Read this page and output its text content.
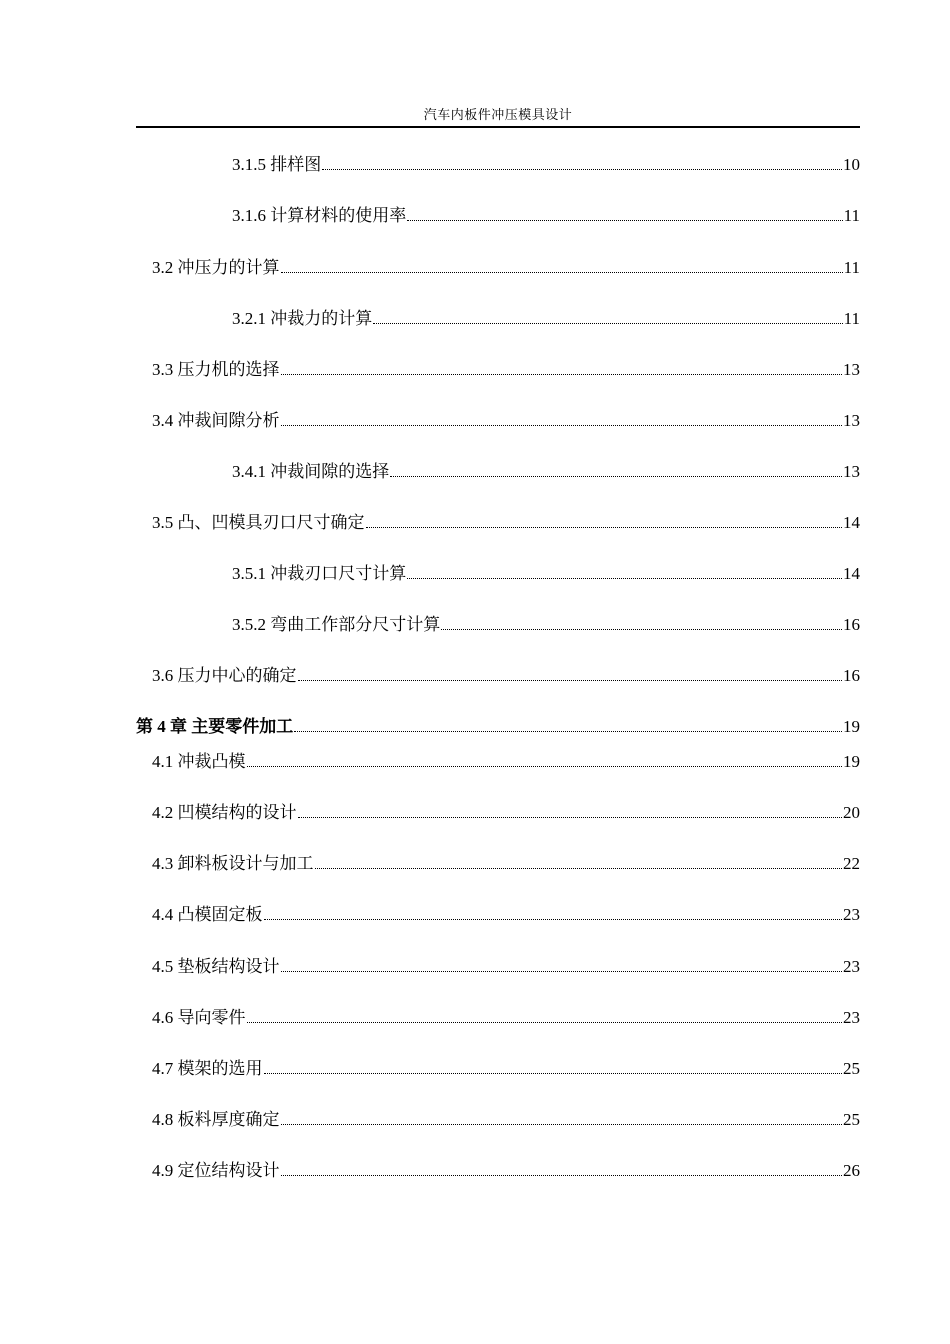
汽车内板件冲压模具设计
3.1.5 排样图	10
3.1.6 计算材料的使用率	11
3.2 冲压力的计算	11
3.2.1 冲裁力的计算	11
3.3 压力机的选择	13
3.4 冲裁间隙分析	13
3.4.1 冲裁间隙的选择	13
3.5 凸、凹模具刃口尺寸确定	14
3.5.1 冲裁刃口尺寸计算	14
3.5.2 弯曲工作部分尺寸计算	16
3.6 压力中心的确定	16
第 4 章 主要零件加工	19
4.1 冲裁凸模	19
4.2 凹模结构的设计	20
4.3 卸料板设计与加工	22
4.4 凸模固定板	23
4.5 垫板结构设计	23
4.6 导向零件	23
4.7 模架的选用	25
4.8 板料厚度确定	25
4.9 定位结构设计	26
